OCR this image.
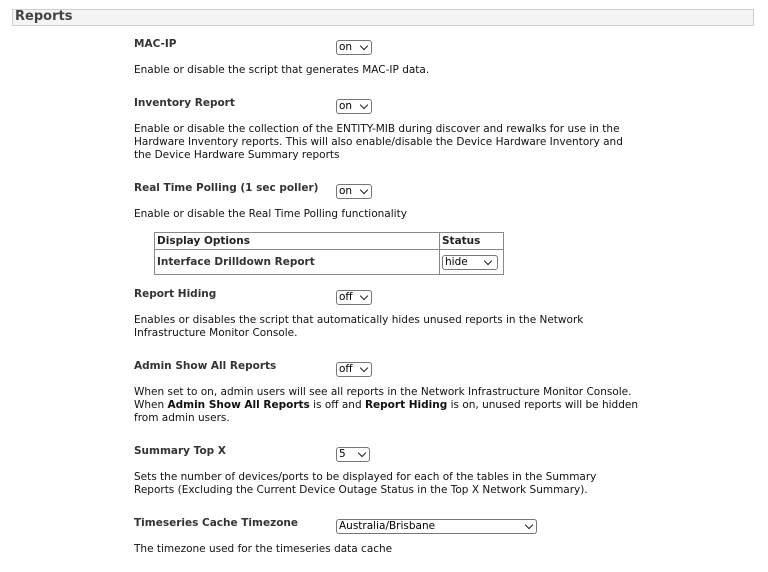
Reports
MAC-IP	on
Enable or disable the script that generates MAC-IP data.
Inventory Report	on
Enable or disable the collection of the ENTITY-MIB during discover and rewalks for use in the Hardware Inventory reports. This will also enable/disable the Device Hardware Inventory and the Device Hardware Summary reports
Real Time Polling (1 sec poller) on
Enable or disable the Real Time Polling functionality
Display Options	Status
Interface Drilldown Report	hide
Report Hiding	off
Enables or disables the script that automatically hides unused reports in the Network Infrastructure Monitor Console.
Admin Show All Reports	off
When set to on, admin users will see all reports in the Network Infrastructure Monitor Console. When Admin Show All Reports is off and Report Hiding is on, unused reports will be hidden from admin users.
Summary Top X	5
Sets the number of devices/ports to be displayed for each of the tables in the Summary Reports (Excluding the Current Device Outage Status in the Top X Network Summary).
Timeseries Cache Timezone	Australia/Brisbane
The timezone used for the timeseries data cache
